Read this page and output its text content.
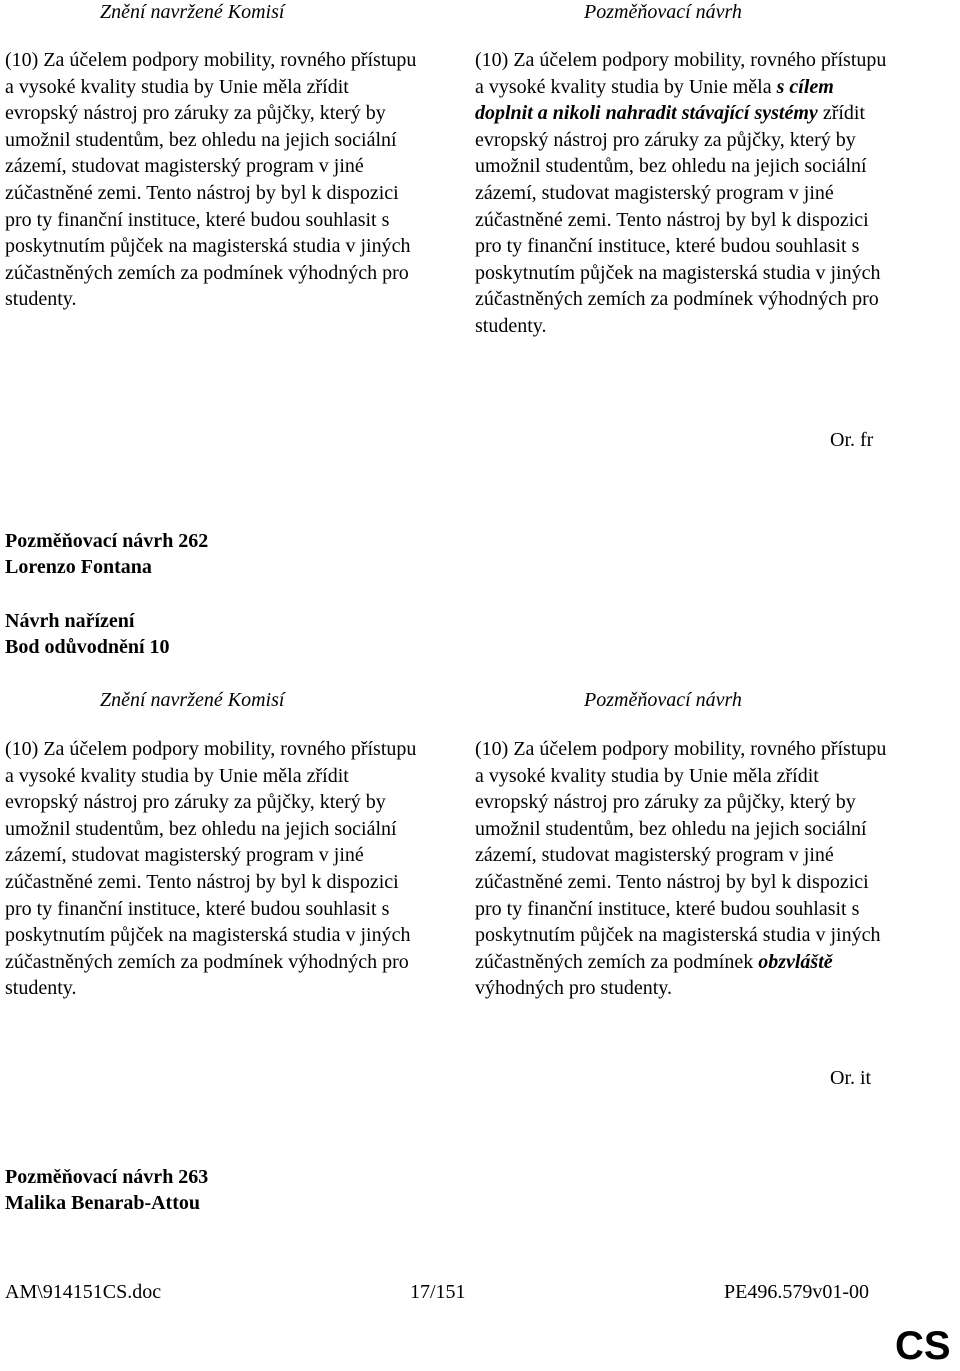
Znění navržené Komisí	Pozměňovací návrh
(10) Za účelem podpory mobility, rovného přístupu a vysoké kvality studia by Unie měla zřídit evropský nástroj pro záruky za půjčky, který by umožnil studentům, bez ohledu na jejich sociální zázemí, studovat magisterský program v jiné zúčastněné zemi. Tento nástroj by byl k dispozici pro ty finanční instituce, které budou souhlasit s poskytnutím půjček na magisterská studia v jiných zúčastněných zemích za podmínek výhodných pro studenty.
(10) Za účelem podpory mobility, rovného přístupu a vysoké kvality studia by Unie měla s cílem doplnit a nikoli nahradit stávající systémy zřídit evropský nástroj pro záruky za půjčky, který by umožnil studentům, bez ohledu na jejich sociální zázemí, studovat magisterský program v jiné zúčastněné zemi. Tento nástroj by byl k dispozici pro ty finanční instituce, které budou souhlasit s poskytnutím půjček na magisterská studia v jiných zúčastněných zemích za podmínek výhodných pro studenty.
Or. fr
Pozměňovací návrh 262
Lorenzo Fontana
Návrh nařízení
Bod odůvodnění 10
Znění navržené Komisí	Pozměňovací návrh
(10) Za účelem podpory mobility, rovného přístupu a vysoké kvality studia by Unie měla zřídit evropský nástroj pro záruky za půjčky, který by umožnil studentům, bez ohledu na jejich sociální zázemí, studovat magisterský program v jiné zúčastněné zemi. Tento nástroj by byl k dispozici pro ty finanční instituce, které budou souhlasit s poskytnutím půjček na magisterská studia v jiných zúčastněných zemích za podmínek výhodných pro studenty.
(10) Za účelem podpory mobility, rovného přístupu a vysoké kvality studia by Unie měla zřídit evropský nástroj pro záruky za půjčky, který by umožnil studentům, bez ohledu na jejich sociální zázemí, studovat magisterský program v jiné zúčastněné zemi. Tento nástroj by byl k dispozici pro ty finanční instituce, které budou souhlasit s poskytnutím půjček na magisterská studia v jiných zúčastněných zemích za podmínek obzvláště výhodných pro studenty.
Or. it
Pozměňovací návrh 263
Malika Benarab-Attou
AM\914151CS.doc	17/151	PE496.579v01-00
CS
